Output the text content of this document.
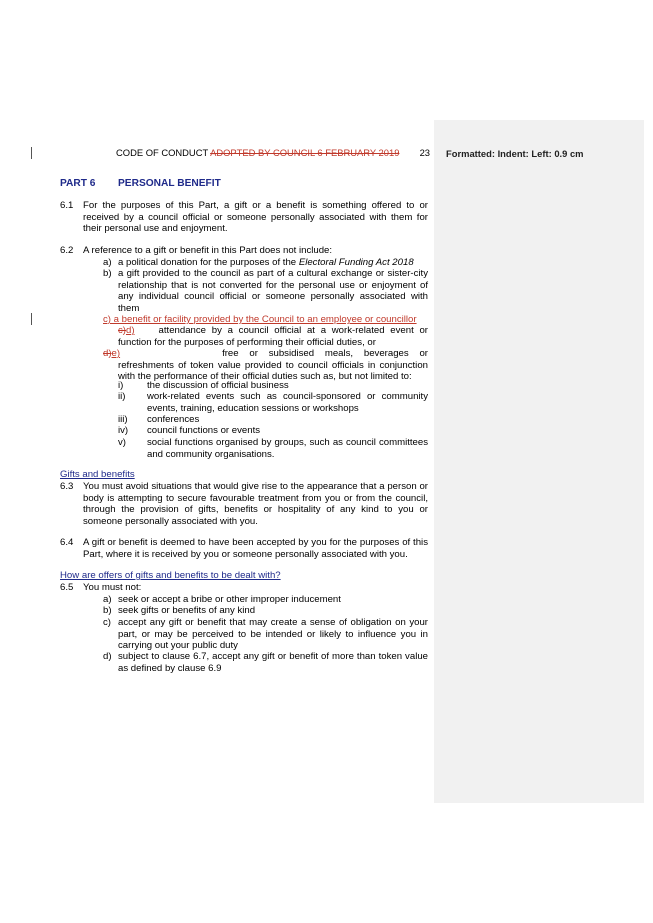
Formatted: Indent: Left: 0.9 cm
CODE OF CONDUCT ADOPTED BY COUNCIL 6 FEBRUARY 2019 23
PART 6 PERSONAL BENEFIT
6.1 For the purposes of this Part, a gift or a benefit is something offered to or received by a council official or someone personally associated with them for their personal use and enjoyment.
6.2 A reference to a gift or benefit in this Part does not include:
a) a political donation for the purposes of the Electoral Funding Act 2018
b) a gift provided to the council as part of a cultural exchange or sister-city relationship that is not converted for the personal use or enjoyment of any individual council official or someone personally associated with them
c) a benefit or facility provided by the Council to an employee or councillor
c)d)	attendance by a council official at a work-related event or function for the purposes of performing their official duties, or
d)e)	free or subsidised meals, beverages or
refreshments of token value provided to council officials in conjunction with the performance of their official duties such as, but not limited to:
i) the discussion of official business
ii) work-related events such as council-sponsored or community events, training, education sessions or workshops
iii) conferences
iv) council functions or events
v) social functions organised by groups, such as council committees and community organisations.
Gifts and benefits
6.3 You must avoid situations that would give rise to the appearance that a person or body is attempting to secure favourable treatment from you or from the council, through the provision of gifts, benefits or hospitality of any kind to you or someone personally associated with you.
6.4 A gift or benefit is deemed to have been accepted by you for the purposes of this Part, where it is received by you or someone personally associated with you.
How are offers of gifts and benefits to be dealt with?
6.5 You must not:
a) seek or accept a bribe or other improper inducement
b) seek gifts or benefits of any kind
c) accept any gift or benefit that may create a sense of obligation on your part, or may be perceived to be intended or likely to influence you in carrying out your public duty
d) subject to clause 6.7, accept any gift or benefit of more than token value as defined by clause 6.9
